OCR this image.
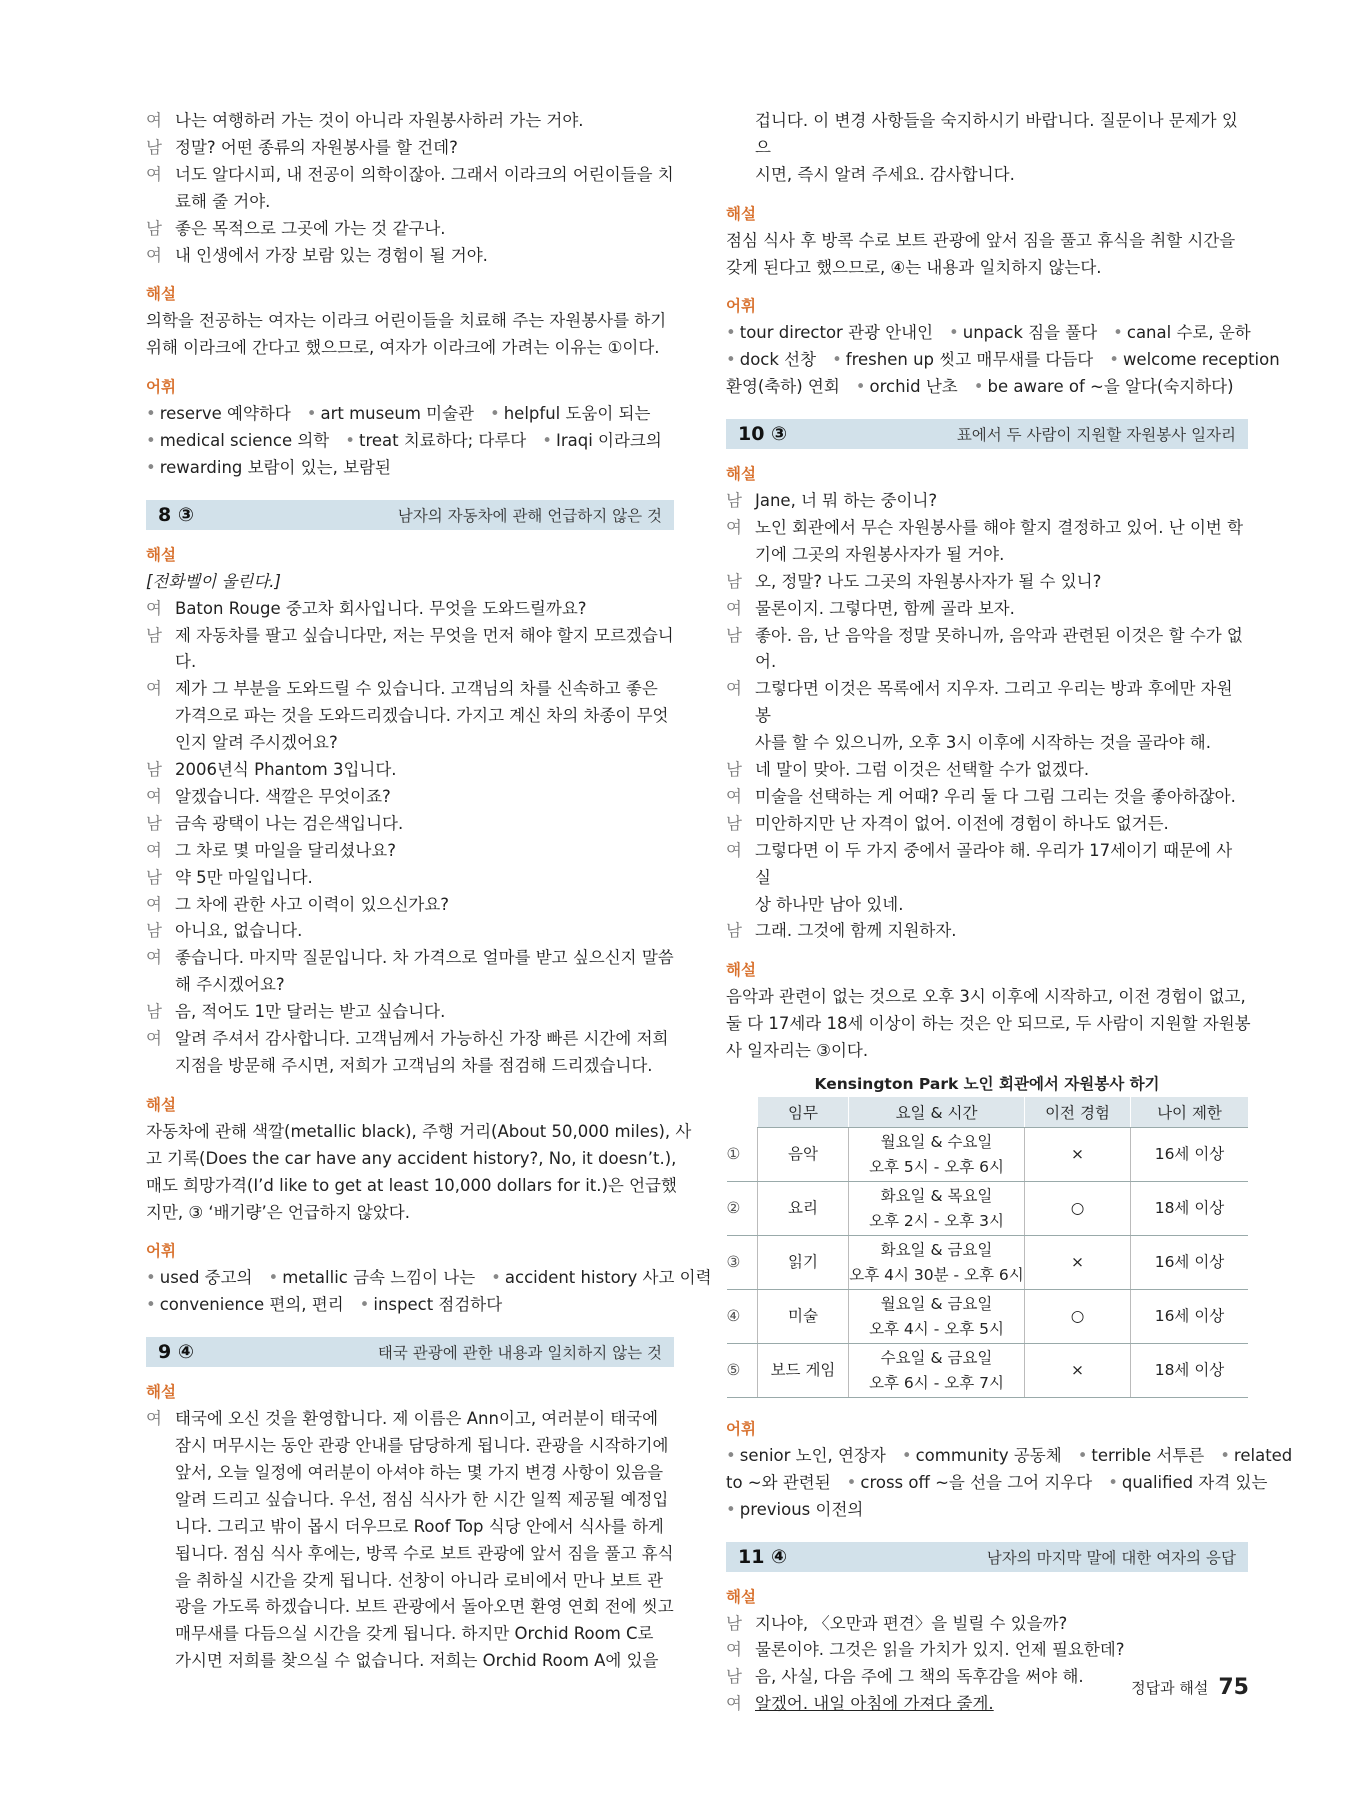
여 나는 여행하러 가는 것이 아니라 자원봉사하러 가는 거야.
남 정말? 어떤 종류의 자원봉사를 할 건데?
여 너도 알다시피, 내 전공이 의학이잖아. 그래서 이라크의 어린이들을 치
료해 줄 거야.
남 좋은 목적으로 그곳에 가는 것 같구나.
여 내 인생에서 가장 보람 있는 경험이 될 거야.
해설
의학을 전공하는 여자는 이라크 어린이들을 치료해 주는 자원봉사를 하기
위해 이라크에 간다고 했으므로, 여자가 이라크에 가려는 이유는 ①이다.
어휘
• reserve 예약하다 • art museum 미술관 • helpful 도움이 되는
• medical science 의학 • treat 치료하다; 다루다 • Iraqi 이라크의
• rewarding 보람이 있는, 보람된
8 ③	남자의 자동차에 관해 언급하지 않은 것
해설
[전화벨이 울린다.]
여 Baton Rouge 중고차 회사입니다. 무엇을 도와드릴까요?
남 제 자동차를 팔고 싶습니다만, 저는 무엇을 먼저 해야 할지 모르겠습니다.
여 제가 그 부분을 도와드릴 수 있습니다. 고객님의 차를 신속하고 좋은
가격으로 파는 것을 도와드리겠습니다. 가지고 계신 차의 차종이 무엇
인지 알려 주시겠어요?
남 2006년식 Phantom 3입니다.
여 알겠습니다. 색깔은 무엇이죠?
남 금속 광택이 나는 검은색입니다.
여 그 차로 몇 마일을 달리셨나요?
남 약 5만 마일입니다.
여 그 차에 관한 사고 이력이 있으신가요?
남 아니요, 없습니다.
여 좋습니다. 마지막 질문입니다. 차 가격으로 얼마를 받고 싶으신지 말씀
해 주시겠어요?
남 음, 적어도 1만 달러는 받고 싶습니다.
여 알려 주셔서 감사합니다. 고객님께서 가능하신 가장 빠른 시간에 저희
지점을 방문해 주시면, 저희가 고객님의 차를 점검해 드리겠습니다.
해설
자동차에 관해 색깔(metallic black), 주행 거리(About 50,000 miles), 사
고 기록(Does the car have any accident history?, No, it doesn’t.),
매도 희망가격(I’d like to get at least 10,000 dollars for it.)은 언급했
지만, ③ ‘배기량’은 언급하지 않았다.
어휘
• used 중고의 • metallic 금속 느낌이 나는 • accident history 사고 이력
• convenience 편의, 편리 • inspect 점검하다
9 ④	태국 관광에 관한 내용과 일치하지 않는 것
해설
여 태국에 오신 것을 환영합니다. 제 이름은 Ann이고, 여러분이 태국에
잠시 머무시는 동안 관광 안내를 담당하게 됩니다. 관광을 시작하기에
앞서, 오늘 일정에 여러분이 아셔야 하는 몇 가지 변경 사항이 있음을
알려 드리고 싶습니다. 우선, 점심 식사가 한 시간 일찍 제공될 예정입
니다. 그리고 밖이 몹시 더우므로 Roof Top 식당 안에서 식사를 하게
됩니다. 점심 식사 후에는, 방콕 수로 보트 관광에 앞서 짐을 풀고 휴식
을 취하실 시간을 갖게 됩니다. 선창이 아니라 로비에서 만나 보트 관
광을 가도록 하겠습니다. 보트 관광에서 돌아오면 환영 연회 전에 씻고
매무새를 다듬으실 시간을 갖게 됩니다. 하지만 Orchid Room C로
가시면 저희를 찾으실 수 없습니다. 저희는 Orchid Room A에 있을
겁니다. 이 변경 사항들을 숙지하시기 바랍니다. 질문이나 문제가 있으
시면, 즉시 알려 주세요. 감사합니다.
해설
점심 식사 후 방콕 수로 보트 관광에 앞서 짐을 풀고 휴식을 취할 시간을
갖게 된다고 했으므로, ④는 내용과 일치하지 않는다.
어휘
• tour director 관광 안내인 • unpack 짐을 풀다 • canal 수로, 운하
• dock 선창 • freshen up 씻고 매무새를 다듬다 • welcome reception
환영(축하) 연회 • orchid 난초 • be aware of ~을 알다(숙지하다)
10 ③	표에서 두 사람이 지원할 자원봉사 일자리
해설
남 Jane, 너 뭐 하는 중이니?
여 노인 회관에서 무슨 자원봉사를 해야 할지 결정하고 있어. 난 이번 학
기에 그곳의 자원봉사자가 될 거야.
남 오, 정말? 나도 그곳의 자원봉사자가 될 수 있니?
여 물론이지. 그렇다면, 함께 골라 보자.
남 좋아. 음, 난 음악을 정말 못하니까, 음악과 관련된 이것은 할 수가 없어.
여 그렇다면 이것은 목록에서 지우자. 그리고 우리는 방과 후에만 자원봉
사를 할 수 있으니까, 오후 3시 이후에 시작하는 것을 골라야 해.
남 네 말이 맞아. 그럼 이것은 선택할 수가 없겠다.
여 미술을 선택하는 게 어때? 우리 둘 다 그림 그리는 것을 좋아하잖아.
남 미안하지만 난 자격이 없어. 이전에 경험이 하나도 없거든.
여 그렇다면 이 두 가지 중에서 골라야 해. 우리가 17세이기 때문에 사실
상 하나만 남아 있네.
남 그래. 그것에 함께 지원하자.
해설
음악과 관련이 없는 것으로 오후 3시 이후에 시작하고, 이전 경험이 없고,
둘 다 17세라 18세 이상이 하는 것은 안 되므로, 두 사람이 지원할 자원봉
사 일자리는 ③이다.
Kensington Park 노인 회관에서 자원봉사 하기
	임무	요일 & 시간	이전 경험	나이 제한
①	음악	월요일 & 수요일
오후 5시 - 오후 6시	×	16세 이상
②	요리	화요일 & 목요일
오후 2시 - 오후 3시	○	18세 이상
③	읽기	화요일 & 금요일
오후 4시 30분 - 오후 6시	×	16세 이상
④	미술	월요일 & 금요일
오후 4시 - 오후 5시	○	16세 이상
⑤	보드 게임	수요일 & 금요일
오후 6시 - 오후 7시	×	18세 이상
어휘
• senior 노인, 연장자 • community 공동체 • terrible 서투른 • related
to ~와 관련된 • cross off ~을 선을 그어 지우다 • qualified 자격 있는
• previous 이전의
11 ④	남자의 마지막 말에 대한 여자의 응답
해설
남 지나야, 〈오만과 편견〉을 빌릴 수 있을까?
여 물론이야. 그것은 읽을 가치가 있지. 언제 필요한데?
남 음, 사실, 다음 주에 그 책의 독후감을 써야 해.
여 알겠어. 내일 아침에 가져다 줄게.
정답과 해설 75
